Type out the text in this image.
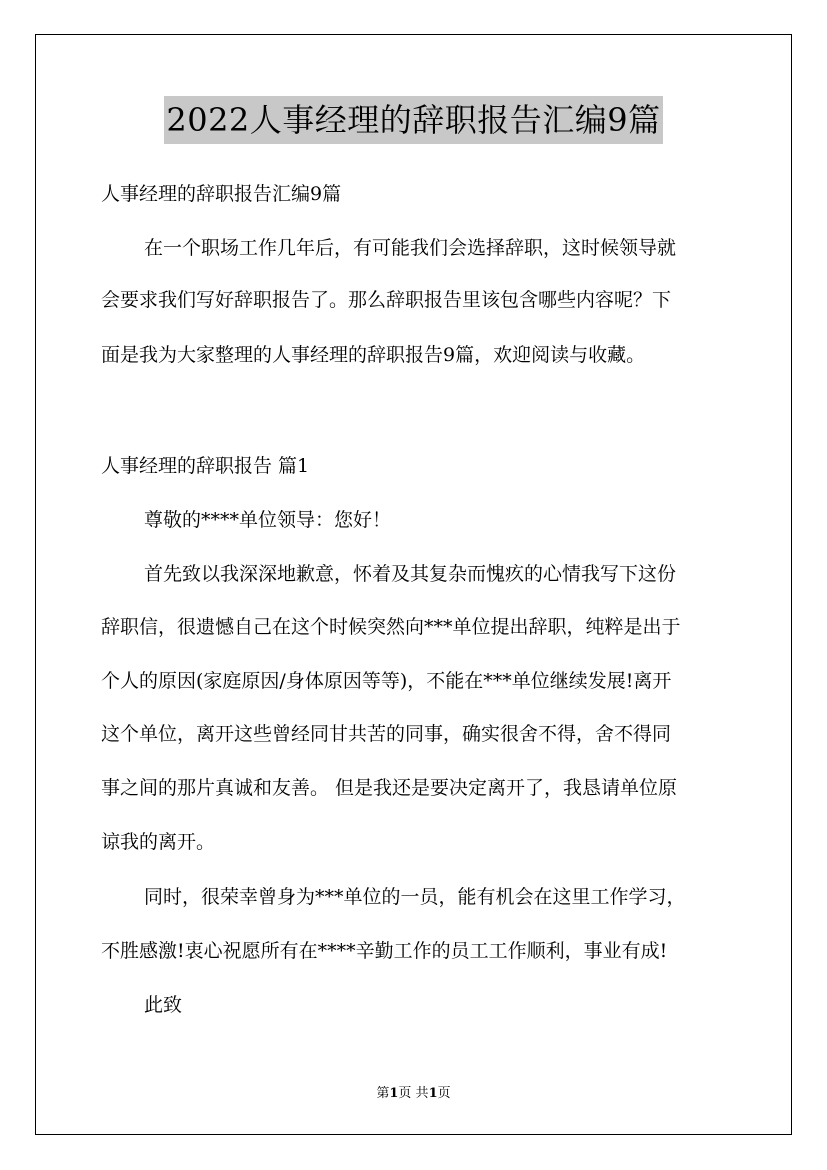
2022人事经理的辞职报告汇编9篇
人事经理的辞职报告汇编9篇
在一个职场工作几年后，有可能我们会选择辞职，这时候领导就
会要求我们写好辞职报告了。那么辞职报告里该包含哪些内容呢？下
面是我为大家整理的人事经理的辞职报告9篇，欢迎阅读与收藏。
人事经理的辞职报告 篇1
尊敬的****单位领导：您好！
首先致以我深深地歉意，怀着及其复杂而愧疚的心情我写下这份
辞职信，很遗憾自己在这个时候突然向***单位提出辞职，纯粹是出于
个人的原因(家庭原因/身体原因等等)，不能在***单位继续发展!离开
这个单位，离开这些曾经同甘共苦的同事，确实很舍不得，舍不得同
事之间的那片真诚和友善。 但是我还是要决定离开了，我恳请单位原
谅我的离开。
同时，很荣幸曾身为***单位的一员，能有机会在这里工作学习，
不胜感激!衷心祝愿所有在****辛勤工作的员工工作顺利，事业有成!
此致
第1页 共1页
